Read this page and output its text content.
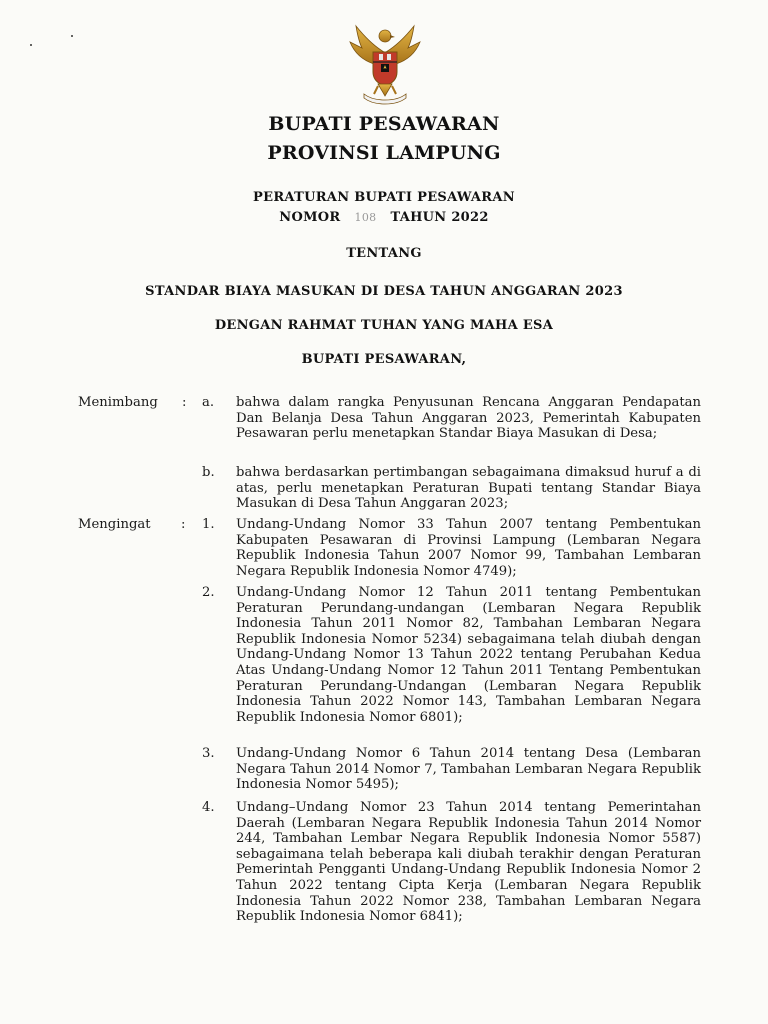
BUPATI PESAWARAN
PROVINSI LAMPUNG
PERATURAN BUPATI PESAWARAN
NOMOR 108 TAHUN 2022
TENTANG
STANDAR BIAYA MASUKAN DI DESA TAHUN ANGGARAN 2023
DENGAN RAHMAT TUHAN YANG MAHA ESA
BUPATI PESAWARAN,
Menimbang : a.	bahwa dalam rangka Penyusunan Rencana Anggaran Pendapatan Dan Belanja Desa Tahun Anggaran 2023, Pemerintah Kabupaten Pesawaran perlu menetapkan Standar Biaya Masukan di Desa;
b.	bahwa berdasarkan pertimbangan sebagaimana dimaksud huruf a di atas, perlu menetapkan Peraturan Bupati tentang Standar Biaya Masukan di Desa Tahun Anggaran 2023;
Mengingat : 1.	Undang-Undang Nomor 33 Tahun 2007 tentang Pembentukan Kabupaten Pesawaran di Provinsi Lampung (Lembaran Negara Republik Indonesia Tahun 2007 Nomor 99, Tambahan Lembaran Negara Republik Indonesia Nomor 4749);
2.	Undang-Undang Nomor 12 Tahun 2011 tentang Pembentukan Peraturan Perundang-undangan (Lembaran Negara Republik Indonesia Tahun 2011 Nomor 82, Tambahan Lembaran Negara Republik Indonesia Nomor 5234) sebagaimana telah diubah dengan Undang-Undang Nomor 13 Tahun 2022 tentang Perubahan Kedua Atas Undang-Undang Nomor 12 Tahun 2011 Tentang Pembentukan Peraturan Perundang-Undangan (Lembaran Negara Republik Indonesia Tahun 2022 Nomor 143, Tambahan Lembaran Negara Republik Indonesia Nomor 6801);
3.	Undang-Undang Nomor 6 Tahun 2014 tentang Desa (Lembaran Negara Tahun 2014 Nomor 7, Tambahan Lembaran Negara Republik Indonesia Nomor 5495);
4.	Undang–Undang Nomor 23 Tahun 2014 tentang Pemerintahan Daerah (Lembaran Negara Republik Indonesia Tahun 2014 Nomor 244, Tambahan Lembar Negara Republik Indonesia Nomor 5587) sebagaimana telah beberapa kali diubah terakhir dengan Peraturan Pemerintah Pengganti Undang-Undang Republik Indonesia Nomor 2 Tahun 2022 tentang Cipta Kerja (Lembaran Negara Republik Indonesia Tahun 2022 Nomor 238, Tambahan Lembaran Negara Republik Indonesia Nomor 6841);
